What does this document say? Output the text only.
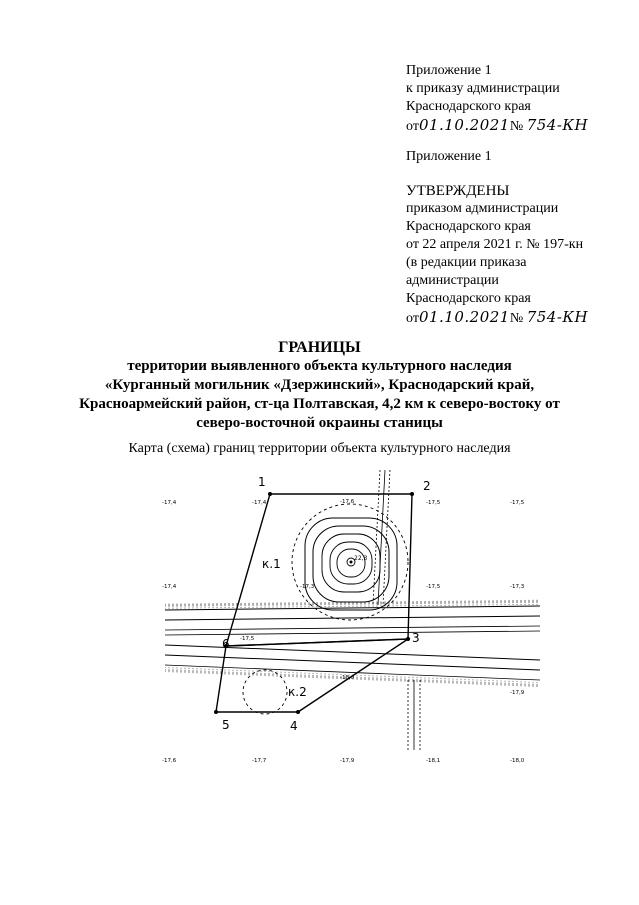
Приложение 1
к приказу администрации
Краснодарского края
от01.10.2021№ 754-КН
Приложение 1
УТВЕРЖДЕНЫ
приказом администрации
Краснодарского края
от 22 апреля 2021 г. № 197-кн
(в редакции приказа
администрации
Краснодарского края
от01.10.2021№ 754-КН
ГРАНИЦЫ
территории выявленного объекта культурного наследия
«Курганный могильник «Дзержинский», Краснодарский край,
Красноармейский район, ст-ца Полтавская, 4,2 км к северо-востоку от
северо-восточной окраины станицы
Карта (схема) границ территории объекта культурного наследия
1	2
3
4
5
6
к.1
к.2
22,3
-17,4	-17,4	-17,6	-17,5	-17,5
-17,4	-17,3	-17,5	-17,3
-17,5
-18,0
-17,9
-17,6	-17,7	-17,9	-18,1	-18,0
